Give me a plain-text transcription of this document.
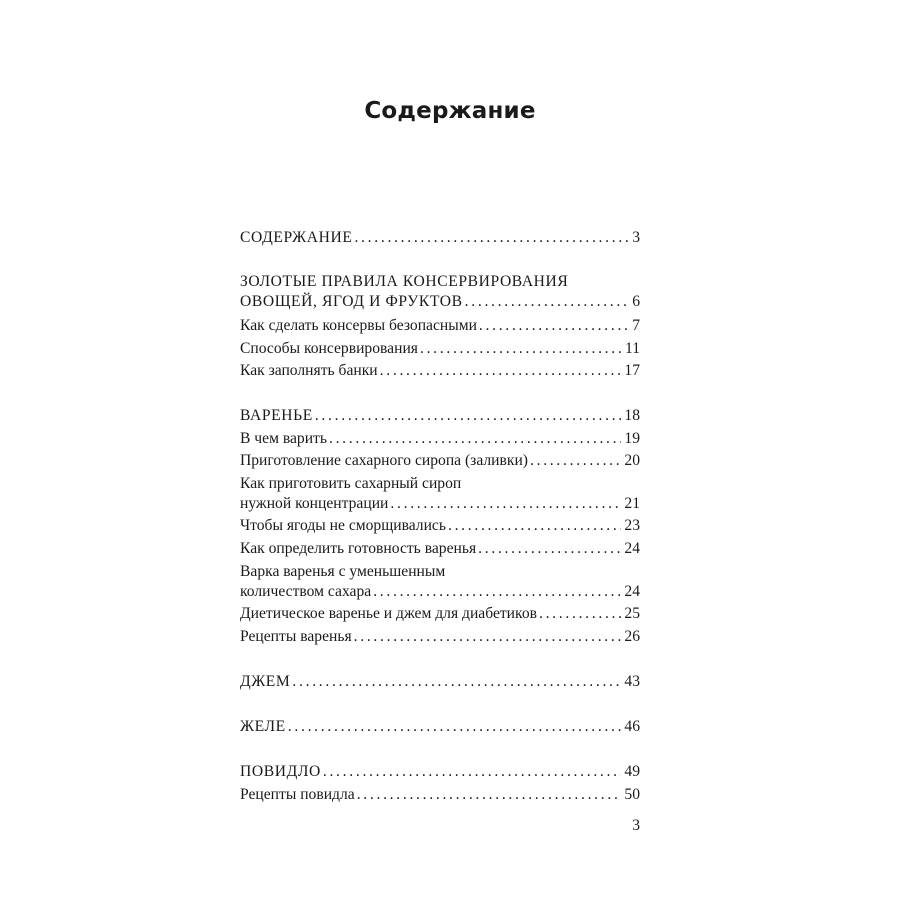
Содержание
СОДЕРЖАНИЕ . . .	3
ЗОЛОТЫЕ ПРАВИЛА КОНСЕРВИРОВАНИЯ
ОВОЩЕЙ, ЯГОД И ФРУКТОВ . . .	6
Как сделать консервы безопасными . . .	7
Способы консервирования . . .	11
Как заполнять банки . . .	17
ВАРЕНЬЕ . . .	18
В чем варить . . .	19
Приготовление сахарного сиропа (заливки) . . .	20
Как приготовить сахарный сироп
нужной концентрации . . .	21
Чтобы ягоды не сморщивались . . .	23
Как определить готовность варенья . . .	24
Варка варенья с уменьшенным
количеством сахара . . .	24
Диетическое варенье и джем для диабетиков . . .	25
Рецепты варенья . . .	26
ДЖЕМ . . .	43
ЖЕЛЕ . . .	46
ПОВИДЛО . . .	49
Рецепты повидла . . .	50
3
